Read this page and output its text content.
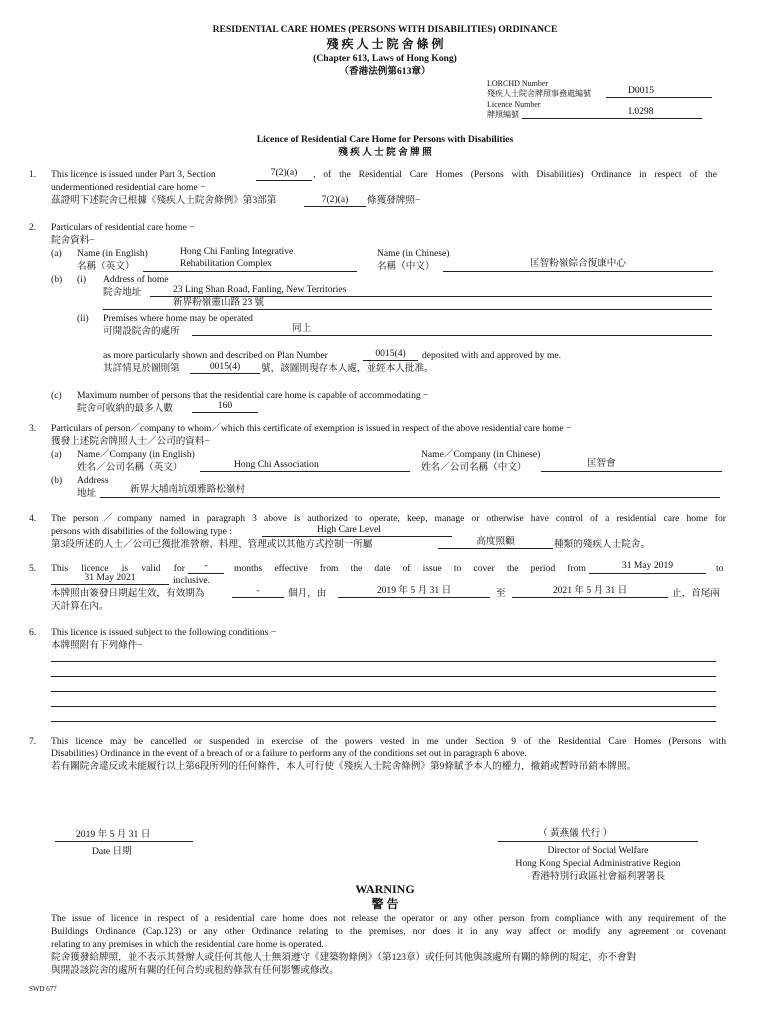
RESIDENTIAL CARE HOMES (PERSONS WITH DISABILITIES) ORDINANCE
殘 疾 人 士 院 舍 條 例
(Chapter 613, Laws of Hong Kong)
（香港法例第613章）
LORCHD Number
殘疾人士院舍牌照事務處編號	D0015
Licence Number
牌照編號	L0298
Licence of Residential Care Home for Persons with Disabilities
殘 疾 人 士 院 舍 牌 照
1. This licence is issued under Part 3, Section	7(2)(a)	, of the Residential Care Homes (Persons with Disabilities) Ordinance in respect of the
undermentioned residential care home −
茲證明下述院舍已根據《殘疾人士院舍條例》第3部第	7(2)(a)	條獲發牌照−
2. Particulars of residential care home −
院舍資料−
(a) Name (in English)	Hong Chi Fanling Integrative
名稱（英文）	Rehabilitation Complex
Name (in Chinese)
名稱（中文）	匡智粉嶺綜合復康中心
(b) (i) Address of home
院舍地址	23 Ling Shan Road, Fanling, New Territories
新界粉嶺靈山路 23 號
(ii) Premises where home may be operated
可開設院舍的處所	同上
as more particularly shown and described on Plan Number	0015(4)	deposited with and approved by me.
其詳情見於圖則第	0015(4)	號，該圖則現存本人處，並經本人批准。
(c) Maximum number of persons that the residential care home is capable of accommodating −
院舍可收納的最多人數	160
3. Particulars of person／company to whom／which this certificate of exemption is issued in respect of the above residential care home −
獲發上述院舍牌照人士／公司的資料−
(a) Name／Company (in English)
姓名／公司名稱（英文）	Hong Chi Association
Name／Company (in Chinese)
姓名／公司名稱（中文）	匡智會
(b) Address
地址	新界大埔南坑頌雅路松嶺村
4. The person／company named in paragraph 3 above is authorized to operate, keep, manage or otherwise have control of a residential care home for
persons with disabilities of the following type :	High Care Level
第3段所述的人士／公司已獲批准營辦、料理、管理或以其他方式控制一所屬	高度照顧	種類的殘疾人士院舍。
5. This licence is valid for	-	months effective from the date of issue to cover the period from	31 May 2019	to
31 May 2021	inclusive.
本牌照由簽發日期起生效，有效期為	-	個月，由	2019 年 5 月 31 日	至	2021 年 5 月 31 日	止，首尾兩
天計算在內。
6. This licence is issued subject to the following conditions −
本牌照附有下列條件−
7. This licence may be cancelled or suspended in exercise of the powers vested in me under Section 9 of the Residential Care Homes (Persons with
Disabilities) Ordinance in the event of a breach of or a failure to perform any of the conditions set out in paragraph 6 above.
若有關院舍違反或未能履行以上第6段所列的任何條件，本人可行使《殘疾人士院舍條例》第9條賦予本人的權力，撤銷或暫時吊銷本牌照。
2019 年 5 月 31 日
Date 日期
（ 黃燕儀 代行 ）
Director of Social Welfare
Hong Kong Special Administrative Region
香港特別行政區社會福利署署長
WARNING
警 告
The issue of licence in respect of a residential care home does not release the operator or any other person from compliance with any requirement of the
Buildings Ordinance (Cap.123) or any other Ordinance relating to the premises, nor does it in any way affect or modify any agreement or covenant
relating to any premises in which the residential care home is operated.
院舍獲發給牌照，並不表示其營辦人或任何其他人士無須遵守《建築物條例》（第123章）或任何其他與該處所有關的條例的規定，亦不會對
與開設該院舍的處所有關的任何合約或租約條款有任何影響或修改。
SWD 677
